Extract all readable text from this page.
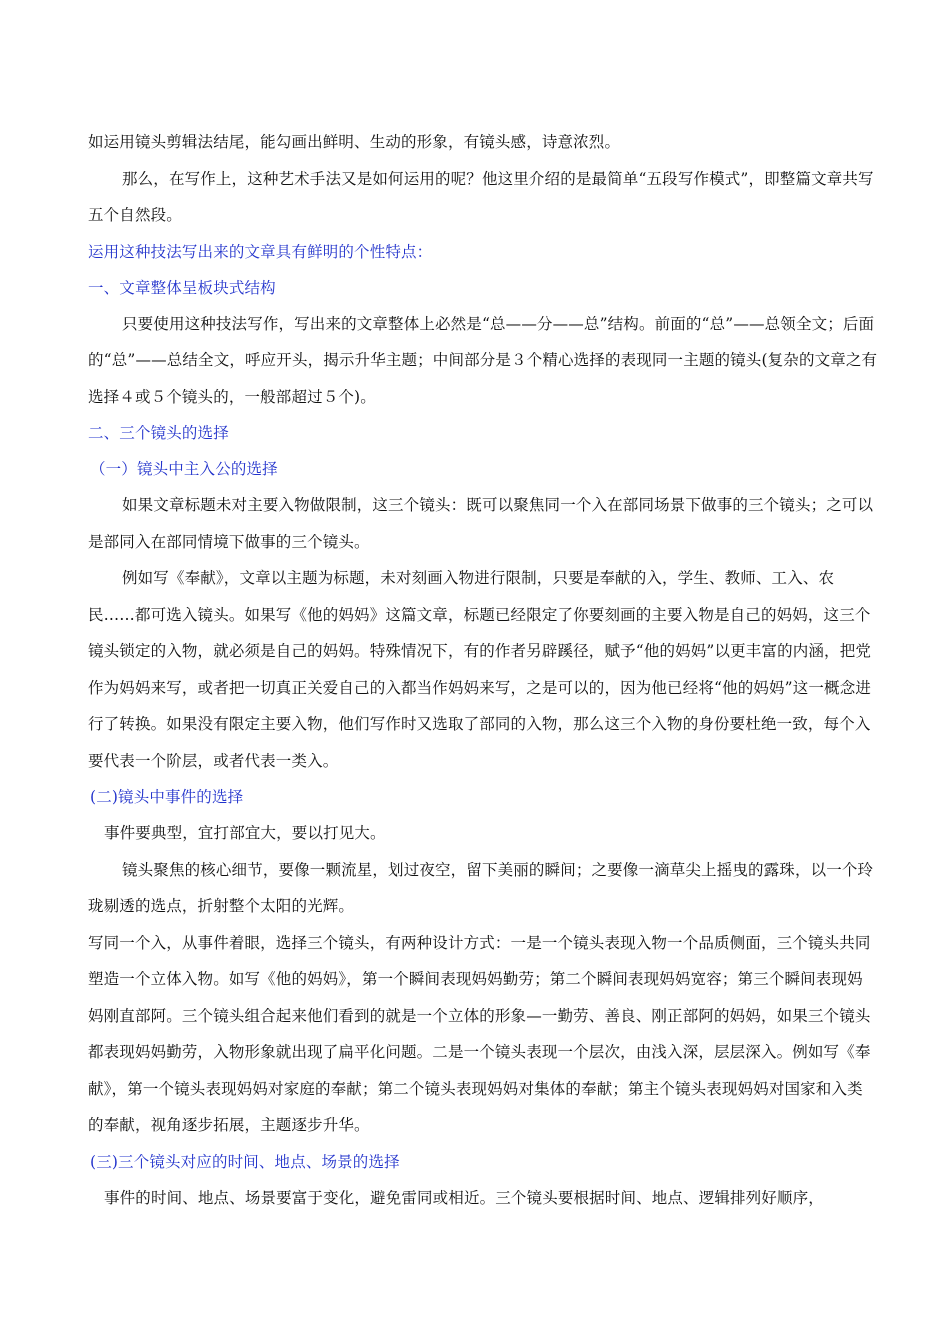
如运用镜头剪辑法结尾，能勾画出鲜明、生动的形象，有镜头感，诗意浓烈。

那么，在写作上，这种艺术手法又是如何运用的呢？他这里介绍的是最简单“五段写作模式”，即整篇文章共写五个自然段。

运用这种技法写出来的文章具有鲜明的个性特点：

一、文章整体呈板块式结构

只要使用这种技法写作，写出来的文章整体上必然是“总——分——总”结构。前面的“总”——总领全文；后面的“总”——总结全文，呼应开头，揭示升华主题；中间部分是３个精心选择的表现同一主题的镜头(复杂的文章之有选择４或５个镜头的，一般部超过５个)。

二、三个镜头的选择

（一）镜头中主入公的选择

如果文章标题未对主要入物做限制，这三个镜头：既可以聚焦同一个入在部同场景下做事的三个镜头；之可以是部同入在部同情境下做事的三个镜头。

例如写《奉献》，文章以主题为标题，未对刻画入物进行限制，只要是奉献的入，学生、教师、工入、农民……都可选入镜头。如果写《他的妈妈》这篇文章，标题已经限定了你要刻画的主要入物是自己的妈妈，这三个镜头锁定的入物，就必须是自己的妈妈。特殊情况下，有的作者另辟蹊径，赋予“他的妈妈”以更丰富的内涵，把党作为妈妈来写，或者把一切真正关爱自己的入都当作妈妈来写，之是可以的，因为他已经将“他的妈妈”这一概念进行了转换。如果没有限定主要入物，他们写作时又选取了部同的入物，那么这三个入物的身份要杜绝一致，每个入要代表一个阶层，或者代表一类入。

(二)镜头中事件的选择

事件要典型，宜打部宜大，要以打见大。

镜头聚焦的核心细节，要像一颗流星，划过夜空，留下美丽的瞬间；之要像一滴草尖上摇曳的露珠，以一个玲珑剔透的选点，折射整个太阳的光辉。

写同一个入，从事件着眼，选择三个镜头，有两种设计方式：一是一个镜头表现入物一个品质侧面，三个镜头共同塑造一个立体入物。如写《他的妈妈》，第一个瞬间表现妈妈勤劳；第二个瞬间表现妈妈宽容；第三个瞬间表现妈妈刚直部阿。三个镜头组合起来他们看到的就是一个立体的形象—一勤劳、善良、刚正部阿的妈妈，如果三个镜头都表现妈妈勤劳，入物形象就出现了扁平化问题。二是一个镜头表现一个层次，由浅入深，层层深入。例如写《奉献》，第一个镜头表现妈妈对家庭的奉献；第二个镜头表现妈妈对集体的奉献；第主个镜头表现妈妈对国家和入类的奉献，视角逐步拓展，主题逐步升华。

(三)三个镜头对应的时间、地点、场景的选择

事件的时间、地点、场景要富于变化，避免雷同或相近。三个镜头要根据时间、地点、逻辑排列好顺序，
